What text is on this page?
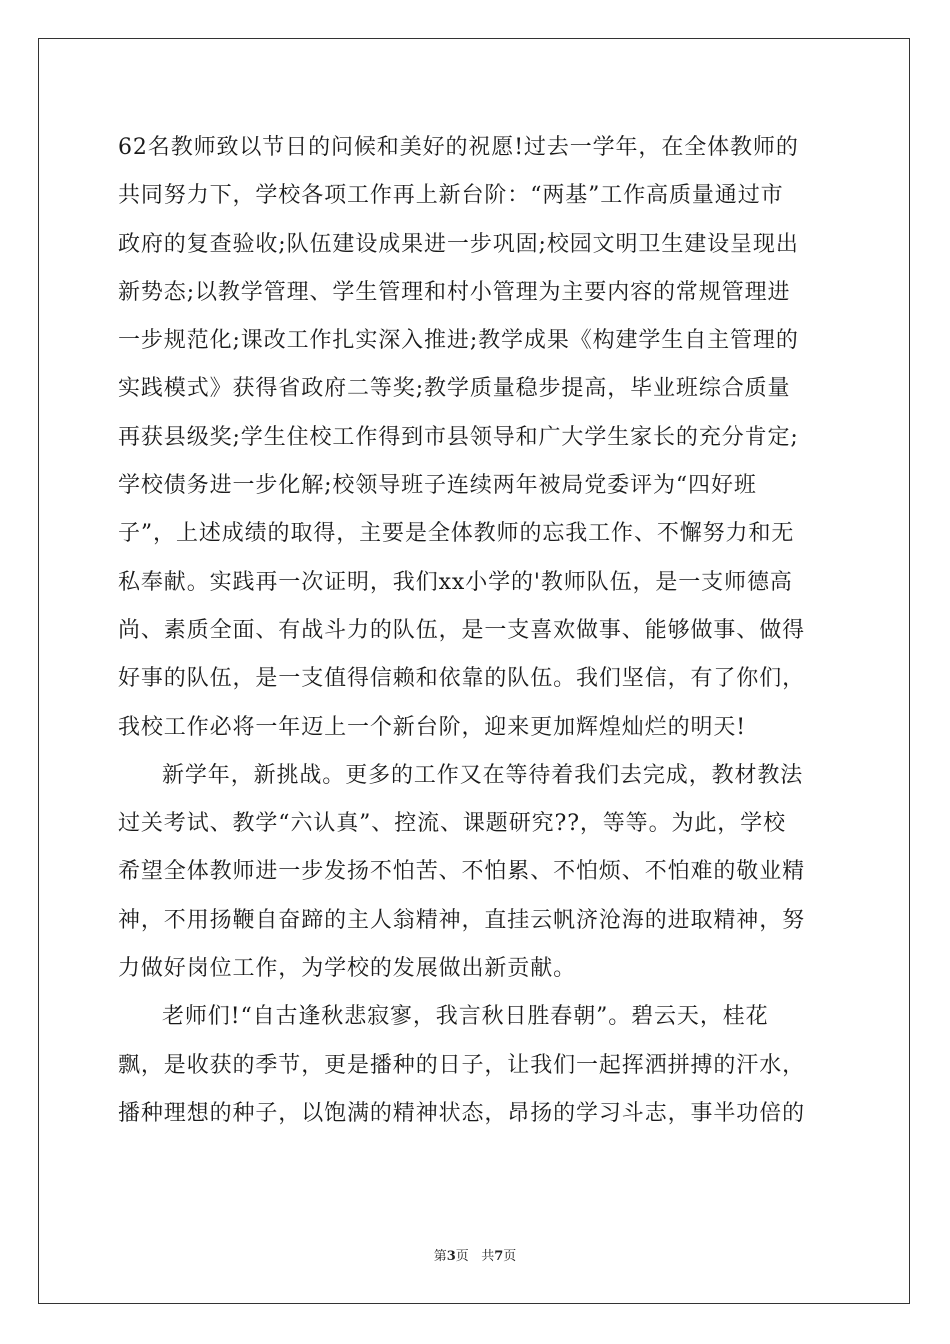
62名教师致以节日的问候和美好的祝愿!过去一学年，在全体教师的
共同努力下，学校各项工作再上新台阶：“两基”工作高质量通过市
政府的复查验收;队伍建设成果进一步巩固;校园文明卫生建设呈现出
新势态;以教学管理、学生管理和村小管理为主要内容的常规管理进
一步规范化;课改工作扎实深入推进;教学成果《构建学生自主管理的
实践模式》获得省政府二等奖;教学质量稳步提高，毕业班综合质量
再获县级奖;学生住校工作得到市县领导和广大学生家长的充分肯定;
学校债务进一步化解;校领导班子连续两年被局党委评为“四好班
子”，上述成绩的取得，主要是全体教师的忘我工作、不懈努力和无
私奉献。实践再一次证明，我们xx小学的'教师队伍，是一支师德高
尚、素质全面、有战斗力的队伍，是一支喜欢做事、能够做事、做得
好事的队伍，是一支值得信赖和依靠的队伍。我们坚信，有了你们，
我校工作必将一年迈上一个新台阶，迎来更加辉煌灿烂的明天!
新学年，新挑战。更多的工作又在等待着我们去完成，教材教法
过关考试、教学“六认真”、控流、课题研究??，等等。为此，学校
希望全体教师进一步发扬不怕苦、不怕累、不怕烦、不怕难的敬业精
神，不用扬鞭自奋蹄的主人翁精神，直挂云帆济沧海的进取精神，努
力做好岗位工作，为学校的发展做出新贡献。
老师们!“自古逢秋悲寂寥，我言秋日胜春朝”。碧云天，桂花
飘，是收获的季节，更是播种的日子，让我们一起挥洒拼搏的汗水，
播种理想的种子，以饱满的精神状态，昂扬的学习斗志，事半功倍的
第3页 共7页
